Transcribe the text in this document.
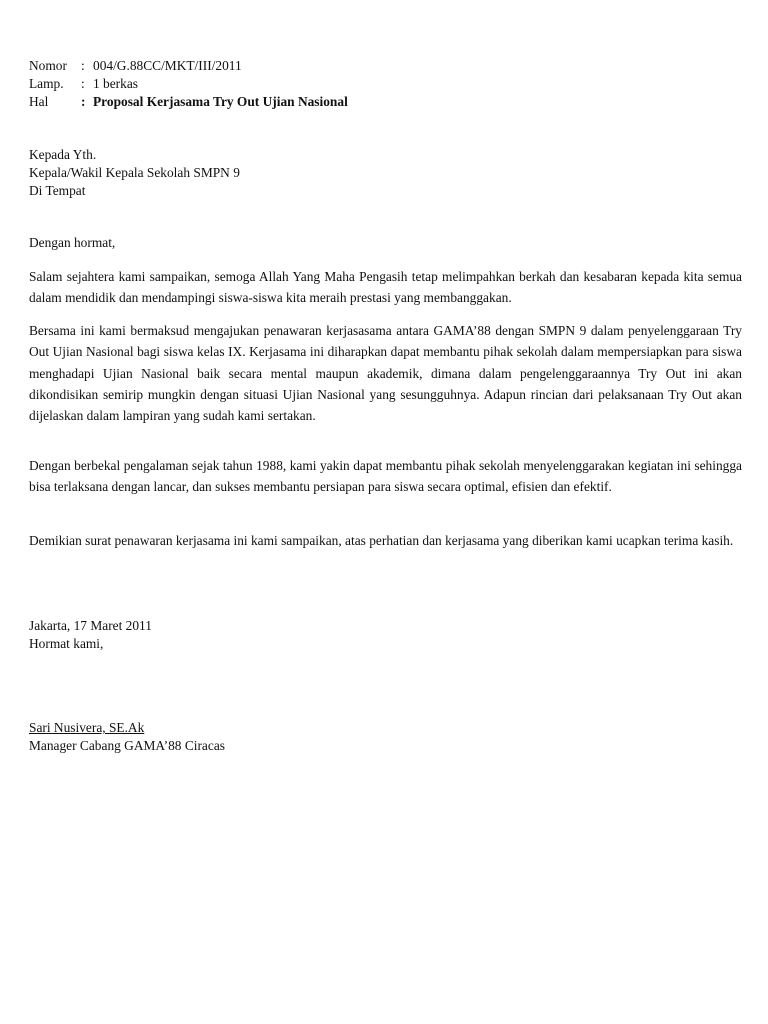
Nomor : 004/G.88CC/MKT/III/2011
Lamp. : 1 berkas
Hal : Proposal Kerjasama Try Out Ujian Nasional
Kepada Yth.
Kepala/Wakil Kepala Sekolah SMPN 9
Di Tempat
Dengan hormat,

Salam sejahtera kami sampaikan, semoga Allah Yang Maha Pengasih tetap melimpahkan berkah dan kesabaran kepada kita semua dalam mendidik dan mendampingi siswa-siswa kita meraih prestasi yang membanggakan.

Bersama ini kami bermaksud mengajukan penawaran kerjasasama antara GAMA’88 dengan SMPN 9 dalam penyelenggaraan Try Out Ujian Nasional bagi siswa kelas IX. Kerjasama ini diharapkan dapat membantu pihak sekolah dalam mempersiapkan para siswa menghadapi Ujian Nasional baik secara mental maupun akademik, dimana dalam pengelenggaraannya Try Out ini akan dikondisikan semirip mungkin dengan situasi Ujian Nasional yang sesungguhnya. Adapun rincian dari pelaksanaan Try Out akan dijelaskan dalam lampiran yang sudah kami sertakan.

Dengan berbekal pengalaman sejak tahun 1988, kami yakin dapat membantu pihak sekolah menyelenggarakan kegiatan ini sehingga bisa terlaksana dengan lancar, dan sukses membantu persiapan para siswa secara optimal, efisien dan efektif.

Demikian surat penawaran kerjasama ini kami sampaikan, atas perhatian dan kerjasama yang diberikan kami ucapkan terima kasih.

Jakarta, 17 Maret 2011
Hormat kami,
Sari Nusivera, SE.Ak
Manager Cabang GAMA’88 Ciracas
